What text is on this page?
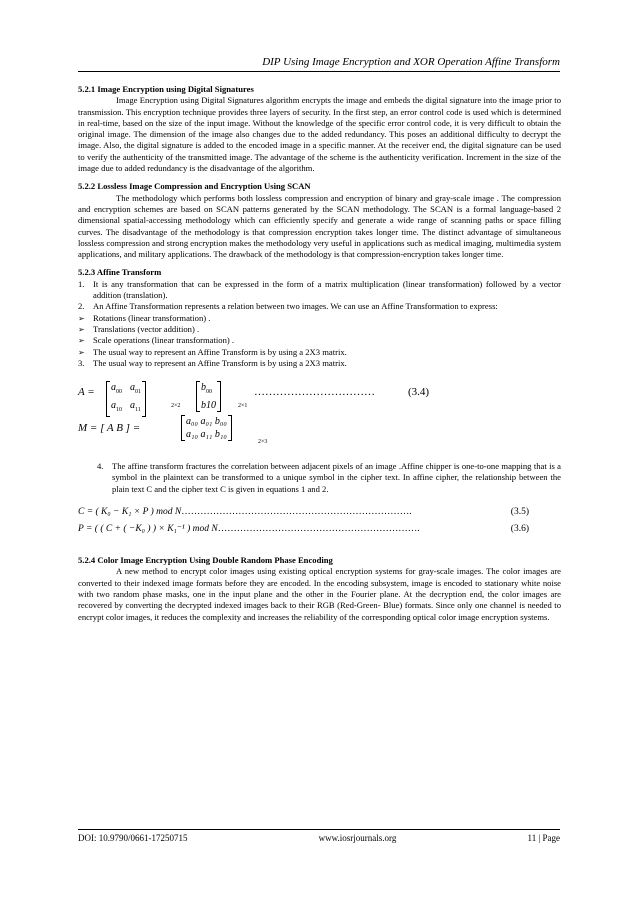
DIP Using Image Encryption and XOR Operation Affine Transform
5.2.1 Image Encryption using Digital Signatures
Image Encryption using Digital Signatures algorithm encrypts the image and embeds the digital signature into the image prior to transmission. This encryption technique provides three layers of security. In the first step, an error control code is used which is determined in real-time, based on the size of the input image. Without the knowledge of the specific error control code, it is very difficult to obtain the original image. The dimension of the image also changes due to the added redundancy. This poses an additional difficulty to decrypt the image. Also, the digital signature is added to the encoded image in a specific manner. At the receiver end, the digital signature can be used to verify the authenticity of the transmitted image. The advantage of the scheme is the authenticity verification. Increment in the size of the image due to added redundancy is the disadvantage of the algorithm.
5.2.2 Lossless Image Compression and Encryption Using SCAN
The methodology which performs both lossless compression and encryption of binary and gray-scale image . The compression and encryption schemes are based on SCAN patterns generated by the SCAN methodology. The SCAN is a formal language-based 2 dimensional spatial-accessing methodology which can efficiently specify and generate a wide range of scanning paths or space filling curves. The disadvantage of the methodology is that compression encryption takes longer time. The distinct advantage of simultaneous lossless compression and strong encryption makes the methodology very useful in applications such as medical imaging, multimedia system applications, and military applications. The drawback of the methodology is that compression-encryption takes longer time.
5.2.3 Affine Transform
1. It is any transformation that can be expressed in the form of a matrix multiplication (linear transformation) followed by a vector addition (translation).
2. An Affine Transformation represents a relation between two images. We can use an Affine Transformation to express:
➢ Rotations (linear transformation) .
➢ Translations (vector addition) .
➢ Scale operations (linear transformation) .
➢ The usual way to represent an Affine Transform is by using a 2X3 matrix.
3. The usual way to represent an Affine Transform is by using a 2X3 matrix.
$A = a_{00}$	$a_{01}$
$a_{10}$	$a_{11}$
2×2
$b_{00}$
b10	2×1
……………………………	(3.4)
M = [ A B ] =
a₀₀ a₀₁ b₀₀
a₁₀ a₁₁ b₁₀
2×3
4. The affine transform fractures the correlation between adjacent pixels of an image .Affine chipper is one-to-one mapping that is a symbol in the plaintext can be transformed to a unique symbol in the cipher text. In affine cipher, the relationship between the plain text C and the cipher text C is given in equations 1 and 2.
C = ( K₀ − K₁ × P ) mod N……………………………………………………………….	(3.5)
P = ( ( C + ( −K₀ ) ) × K₁⁻¹ ) mod N……………………………………………………….	(3.6)
5.2.4 Color Image Encryption Using Double Random Phase Encoding
A new method to encrypt color images using existing optical encryption systems for gray-scale images. The color images are converted to their indexed image formats before they are encoded. In the encoding subsystem, image is encoded to stationary white noise with two random phase masks, one in the input plane and the other in the Fourier plane. At the decryption end, the color images are recovered by converting the decrypted indexed images back to their RGB (Red-Green- Blue) formats. Since only one channel is needed to encrypt color images, it reduces the complexity and increases the reliability of the corresponding optical color image encryption systems.
DOI: 10.9790/0661-17250715	www.iosrjournals.org	11 | Page
